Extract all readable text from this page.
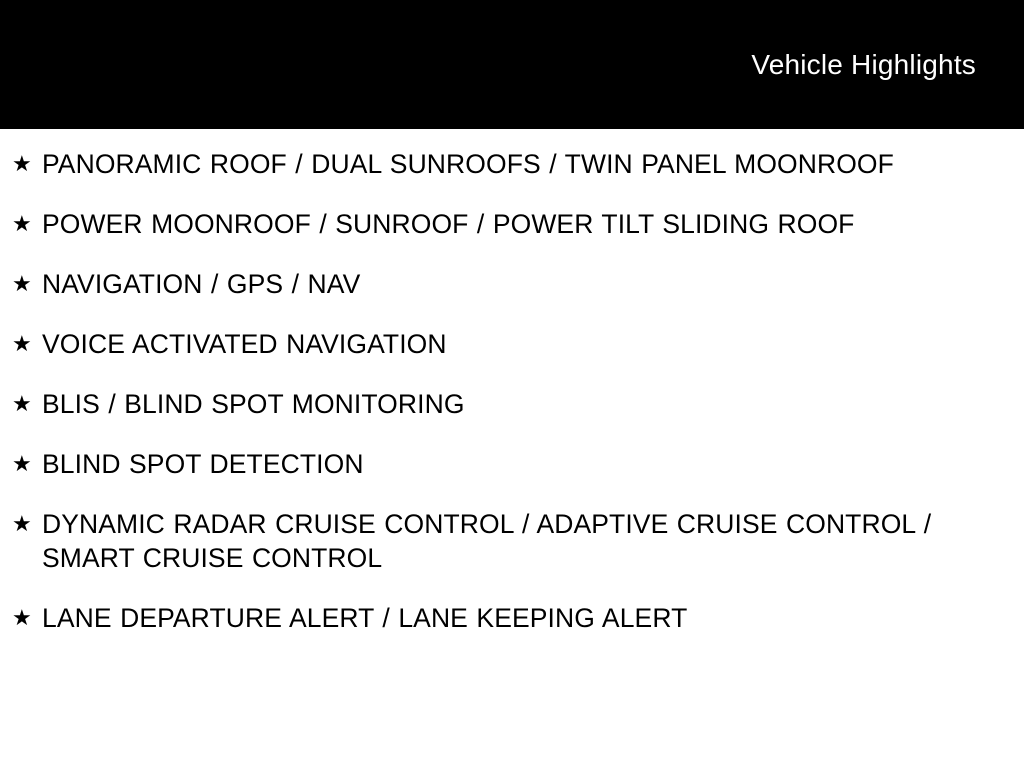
Vehicle Highlights
★ PANORAMIC ROOF / DUAL SUNROOFS / TWIN PANEL MOONROOF
★ POWER MOONROOF / SUNROOF / POWER TILT SLIDING ROOF
★ NAVIGATION / GPS / NAV
★ VOICE ACTIVATED NAVIGATION
★ BLIS / BLIND SPOT MONITORING
★ BLIND SPOT DETECTION
★ DYNAMIC RADAR CRUISE CONTROL / ADAPTIVE CRUISE CONTROL / SMART CRUISE CONTROL
★ LANE DEPARTURE ALERT / LANE KEEPING ALERT
